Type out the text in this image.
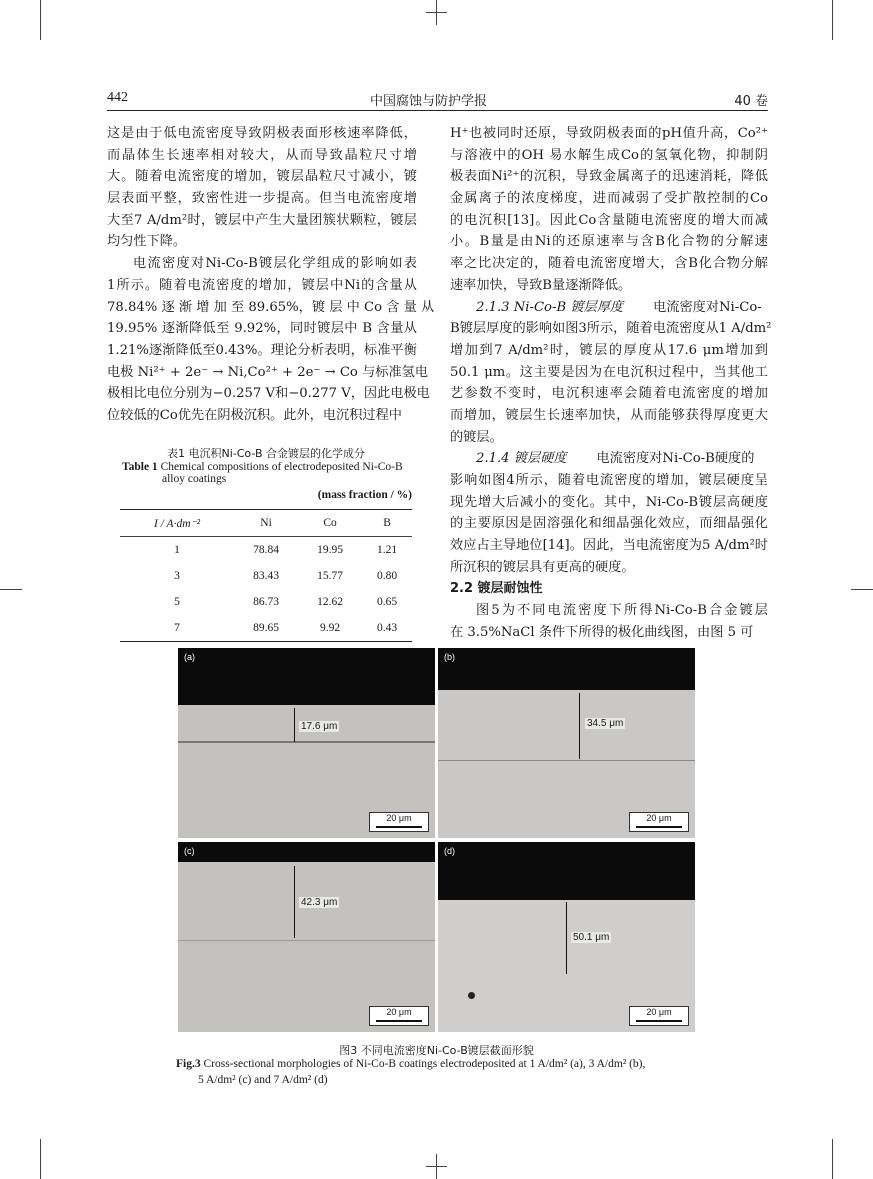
442	中国腐蚀与防护学报	40 卷
这是由于低电流密度导致阴极表面形核速率降低，
而晶体生长速率相对较大，从而导致晶粒尺寸增
大。随着电流密度的增加，镀层晶粒尺寸减小，镀
层表面平整，致密性进一步提高。但当电流密度增
大至7 A/dm²时，镀层中产生大量团簇状颗粒，镀层
均匀性下降。
电流密度对Ni-Co-B镀层化学组成的影响如表
1所示。随着电流密度的增加，镀层中Ni的含量从
78.84% 逐 渐 增 加 至 89.65%，镀 层 中 Co 含 量 从
19.95% 逐渐降低至 9.92%，同时镀层中 B 含量从
1.21%逐渐降低至0.43%。理论分析表明，标准平衡
电极 Ni²⁺ + 2e⁻ → Ni,Co²⁺ + 2e⁻ → Co 与标准氢电
极相比电位分别为−0.257 V和−0.277 V，因此电极电
位较低的Co优先在阴极沉积。此外，电沉积过程中
表1 电沉积Ni-Co-B 合金镀层的化学成分
Table 1 Chemical compositions of electrodeposited Ni-Co-B
alloy coatings
(mass fraction / %)
I / A·dm⁻²	Ni	Co	B
1	78.84	19.95	1.21
3	83.43	15.77	0.80
5	86.73	12.62	0.65
7	89.65	9.92	0.43
H⁺也被同时还原，导致阴极表面的pH值升高，Co²⁺
与溶液中的OH 易水解生成Co的氢氧化物，抑制阴
极表面Ni²⁺的沉积，导致金属离子的迅速消耗，降低
金属离子的浓度梯度，进而减弱了受扩散控制的Co
的电沉积[13]。因此Co含量随电流密度的增大而减
小。B量是由Ni的还原速率与含B化合物的分解速
率之比决定的，随着电流密度增大，含B化合物分解
速率加快，导致B量逐渐降低。
2.1.3 Ni-Co-B 镀层厚度 电流密度对Ni-Co-
B镀层厚度的影响如图3所示，随着电流密度从1 A/dm²
增加到7 A/dm²时，镀层的厚度从17.6 μm增加到
50.1 μm。这主要是因为在电沉积过程中，当其他工
艺参数不变时，电沉积速率会随着电流密度的增加
而增加，镀层生长速率加快，从而能够获得厚度更大
的镀层。
2.1.4 镀层硬度 电流密度对Ni-Co-B硬度的
影响如图4所示，随着电流密度的增加，镀层硬度呈
现先增大后减小的变化。其中，Ni-Co-B镀层高硬度
的主要原因是固溶强化和细晶强化效应，而细晶强化
效应占主导地位[14]。因此，当电流密度为5 A/dm²时
所沉积的镀层具有更高的硬度。
2.2 镀层耐蚀性
图5为不同电流密度下所得Ni-Co-B合金镀层
在 3.5%NaCl 条件下所得的极化曲线图，由图 5 可
(a)
17.6 μm
20 μm
(b)
34.5 μm
20 μm
(c)
42.3 μm
20 μm
(d)
50.1 μm
20 μm
图3 不同电流密度Ni-Co-B镀层截面形貌
Fig.3 Cross-sectional morphologies of Ni-Co-B coatings electrodeposited at 1 A/dm² (a), 3 A/dm² (b),
5 A/dm² (c) and 7 A/dm² (d)
